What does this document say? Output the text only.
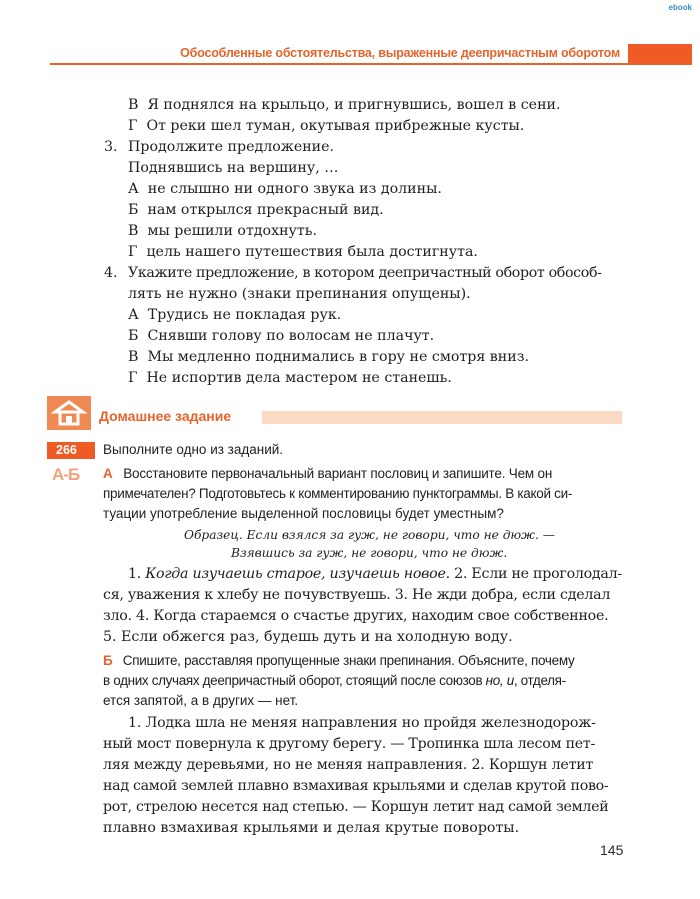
ebook
Обособленные обстоятельства, выраженные деепричастным оборотом
В Я поднялся на крыльцо, и пригнувшись, вошел в сени.
Г От реки шел туман, окутывая прибрежные кусты.
3. Продолжите предложение.
Поднявшись на вершину, …
А не слышно ни одного звука из долины.
Б нам открылся прекрасный вид.
В мы решили отдохнуть.
Г цель нашего путешествия была достигнута.
4. Укажите предложение, в котором деепричастный оборот обособ-
лять не нужно (знаки препинания опущены).
А Трудись не покладая рук.
Б Снявши голову по волосам не плачут.
В Мы медленно поднимались в гору не смотря вниз.
Г Не испортив дела мастером не станешь.
Домашнее задание
266	Выполните одно из заданий.
А-Б А Восстановите первоначальный вариант пословиц и запишите. Чем он
примечателен? Подготовьтесь к комментированию пунктограммы. В какой си-
туации употребление выделенной пословицы будет уместным?
Образец. Если взялся за гуж, не говори, что не дюж. —
Взявшись за гуж, не говори, что не дюж.
1. Когда изучаешь старое, изучаешь новое. 2. Если не проголодал-
ся, уважения к хлебу не почувствуешь. 3. Не жди добра, если сделал
зло. 4. Когда стараемся о счастье других, находим свое собственное.
5. Если обжегся раз, будешь дуть и на холодную воду.
Б Спишите, расставляя пропущенные знаки препинания. Объясните, почему
в одних случаях деепричастный оборот, стоящий после союзов но, и, отделя-
ется запятой, а в других — нет.
1. Лодка шла не меняя направления но пройдя железнодорож-
ный мост повернула к другому берегу. — Тропинка шла лесом пет-
ляя между деревьями, но не меняя направления. 2. Коршун летит
над самой землей плавно взмахивая крыльями и сделав крутой пово-
рот, стрелою несется над степью. — Коршун летит над самой землей
плавно взмахивая крыльями и делая крутые повороты.
145
